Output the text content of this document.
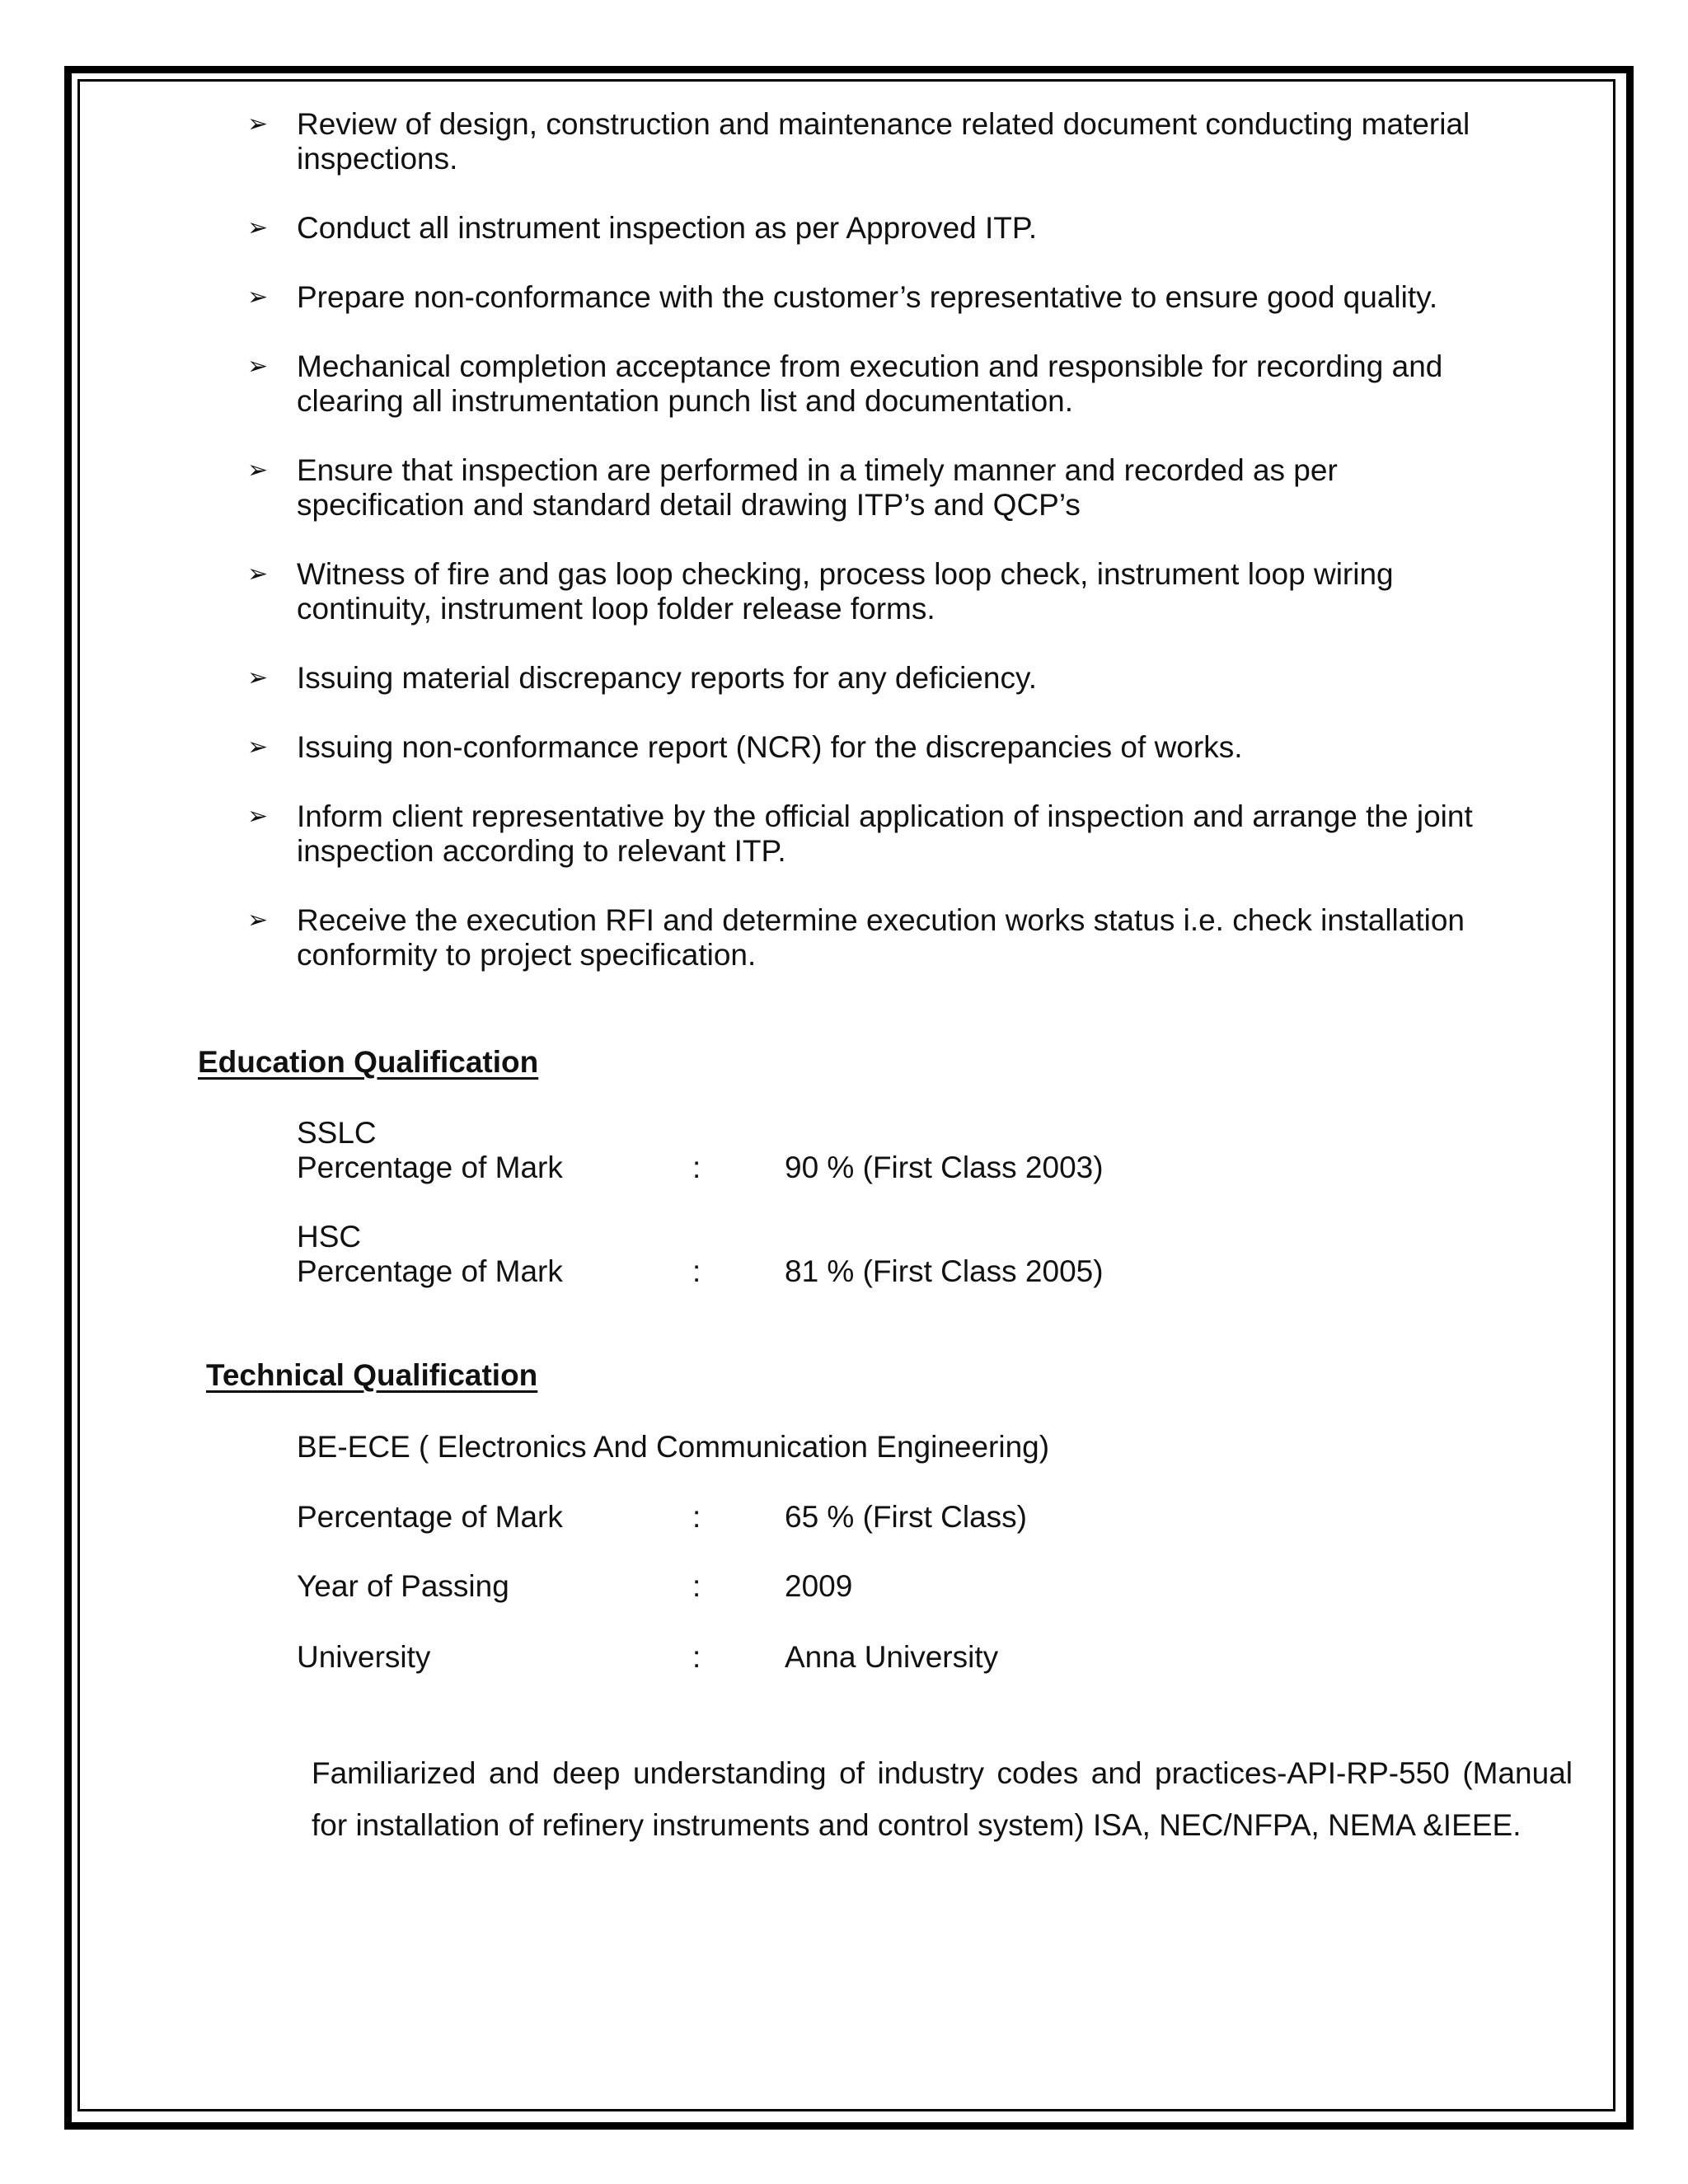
➢ Review of design, construction and maintenance related document conducting material inspections.
➢ Conduct all instrument inspection as per Approved ITP.
➢ Prepare non-conformance with the customer’s representative to ensure good quality.
➢ Mechanical completion acceptance from execution and responsible for recording and clearing all instrumentation punch list and documentation.
➢ Ensure that inspection are performed in a timely manner and recorded as per specification and standard detail drawing ITP’s and QCP’s
➢ Witness of fire and gas loop checking, process loop check, instrument loop wiring continuity, instrument loop folder release forms.
➢ Issuing material discrepancy reports for any deficiency.
➢ Issuing non-conformance report (NCR) for the discrepancies of works.
➢ Inform client representative by the official application of inspection and arrange the joint inspection according to relevant ITP.
➢ Receive the execution RFI and determine execution works status i.e. check installation conformity to project specification.
Education Qualification
SSLC
Percentage of Mark	:	90 % (First Class 2003)
HSC
Percentage of Mark	:	81 % (First Class 2005)
Technical Qualification
BE-ECE ( Electronics And Communication Engineering)
Percentage of Mark	:	65 % (First Class)
Year of Passing	:	2009
University	:	Anna University
Familiarized and deep understanding of industry codes and practices-API-RP-550 (Manual for installation of refinery instruments and control system) ISA, NEC/NFPA, NEMA &IEEE.
